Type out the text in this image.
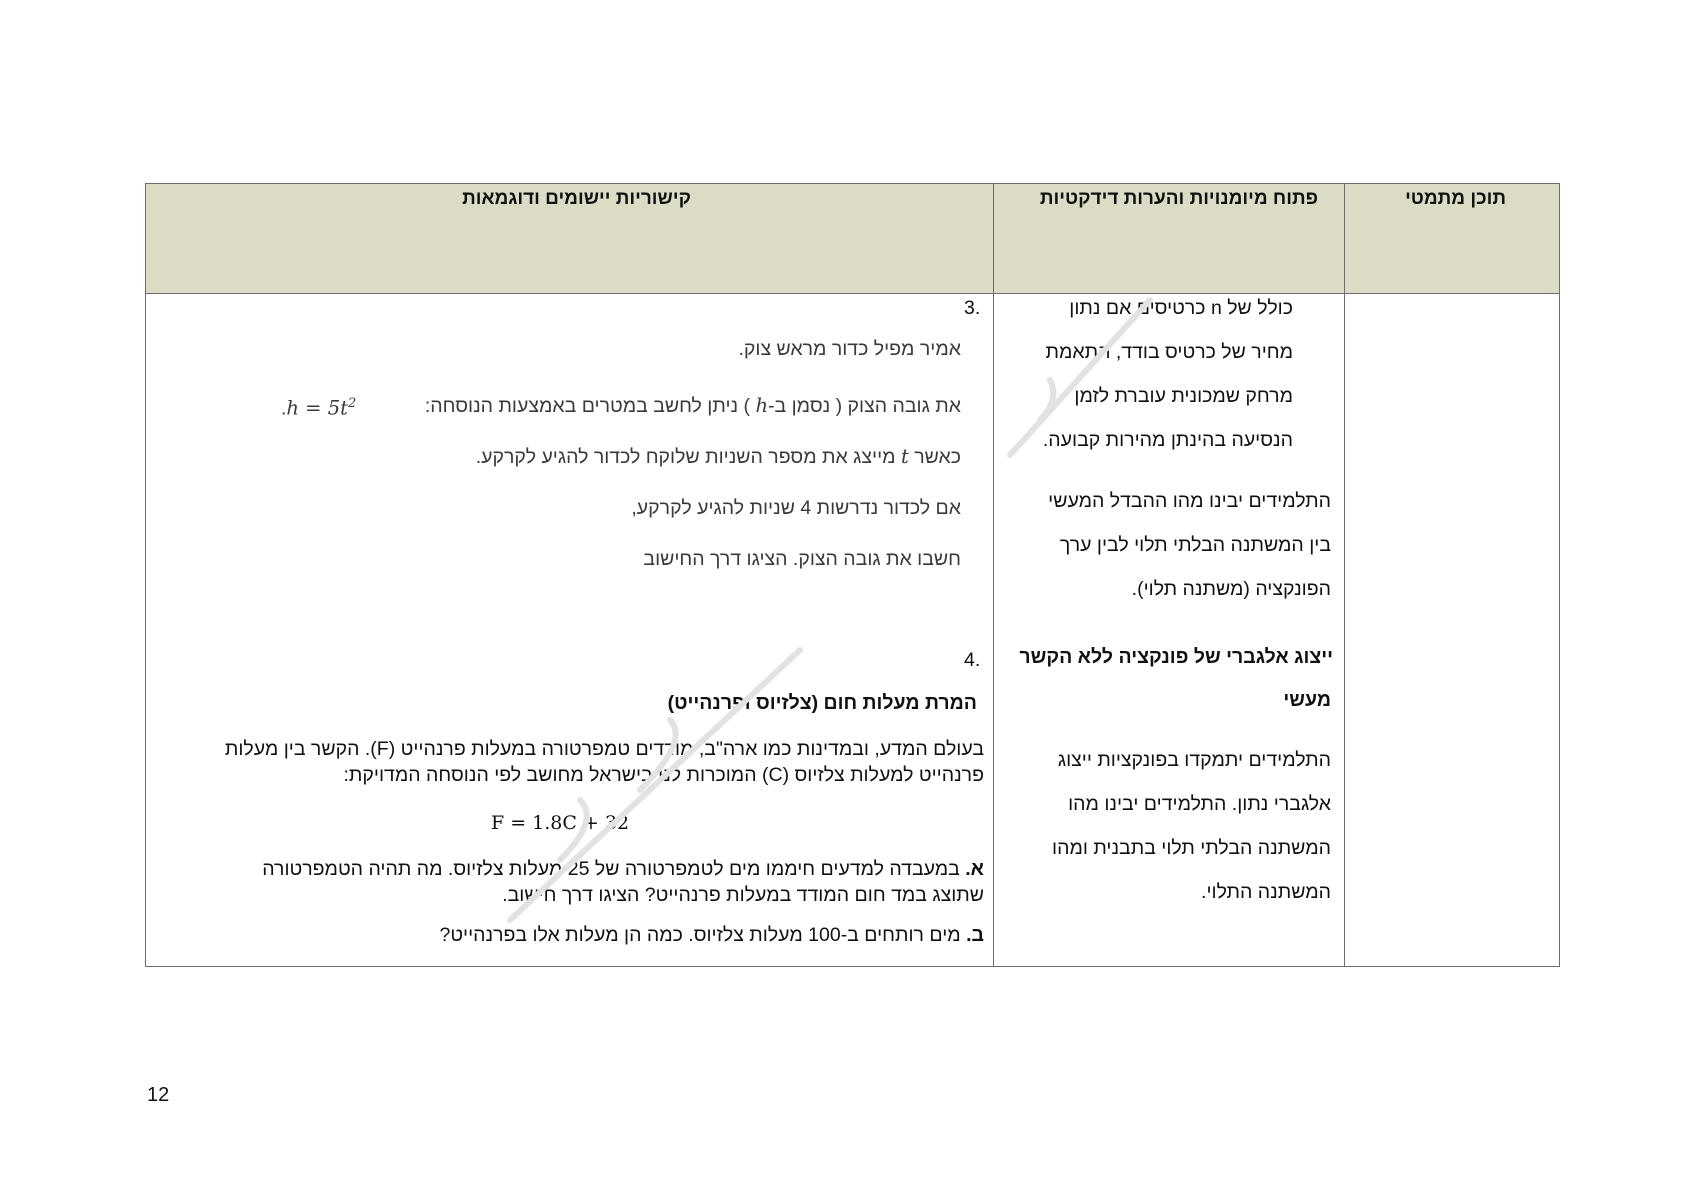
תוכן מתמטי
פתוח מיומנויות והערות דידקטיות
קישוריות יישומים ודוגמאות
כולל של n כרטיסים אם נתון
מחיר של כרטיס בודד, התאמת
מרחק שמכונית עוברת לזמן
הנסיעה בהינתן מהירות קבועה.
התלמידים יבינו מהו ההבדל המעשי
בין המשתנה הבלתי תלוי לבין ערך
הפונקציה (משתנה תלוי).
ייצוג אלגברי של פונקציה ללא הקשר
מעשי
התלמידים יתמקדו בפונקציות ייצוג
אלגברי נתון. התלמידים יבינו מהו
המשתנה הבלתי תלוי בתבנית ומהו
המשתנה התלוי.
3.
אמיר מפיל כדור מראש צוק.
את גובה הצוק ( נסמן ב-h ) ניתן לחשב במטרים באמצעות הנוסחה:
$.h = 5t^2$
כאשר t מייצג את מספר השניות שלוקח לכדור להגיע לקרקע.
אם לכדור נדרשות 4 שניות להגיע לקרקע,
חשבו את גובה הצוק. הציגו דרך החישוב
4.
המרת מעלות חום (צלזיוס ופרנהייט)
בעולם המדע, ובמדינות כמו ארה"ב, מודדים טמפרטורה במעלות פרנהייט (F). הקשר בין מעלות
פרנהייט למעלות צלזיוס (C) המוכרות לנו בישראל מחושב לפי הנוסחה המדויקת:
F = 1.8C + 32
א. במעבדה למדעים חיממו מים לטמפרטורה של 25 מעלות צלזיוס. מה תהיה הטמפרטורה
שתוצג במד חום המודד במעלות פרנהייט? הציגו דרך חישוב.
ב. מים רותחים ב-100 מעלות צלזיוס. כמה הן מעלות אלו בפרנהייט?
12
